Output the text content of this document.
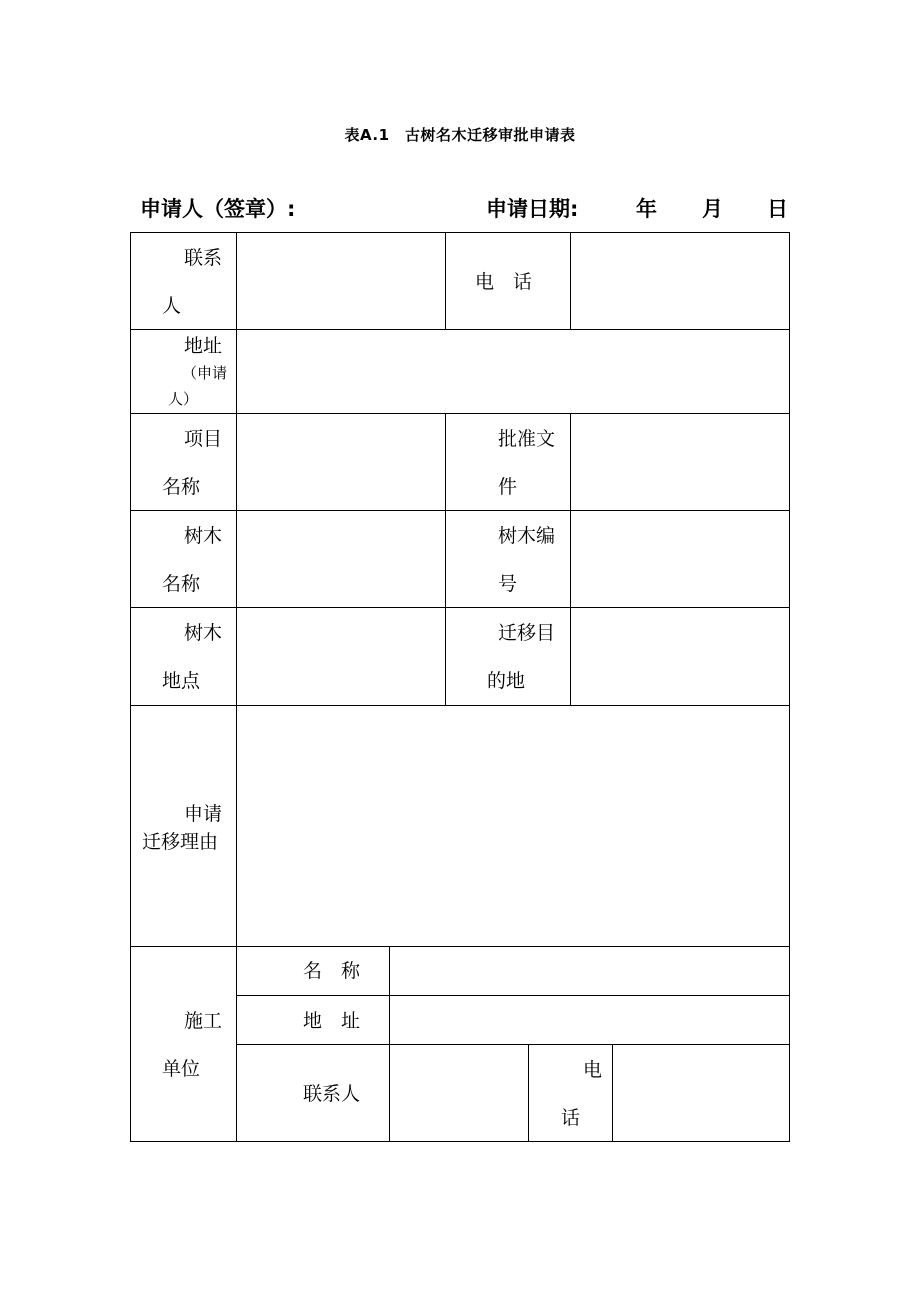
表A.1　古树名木迁移审批申请表
申请人（签章）:	申请日期:	年 月 日
联系
人
电　话
地址
（申请
人）
项目
名称
批准文
件
树木
名称
树木编
号
树木
地点
迁移目
的地
申请
迁移理由
施工
单位
名　称
地　址
联系人
电
话
